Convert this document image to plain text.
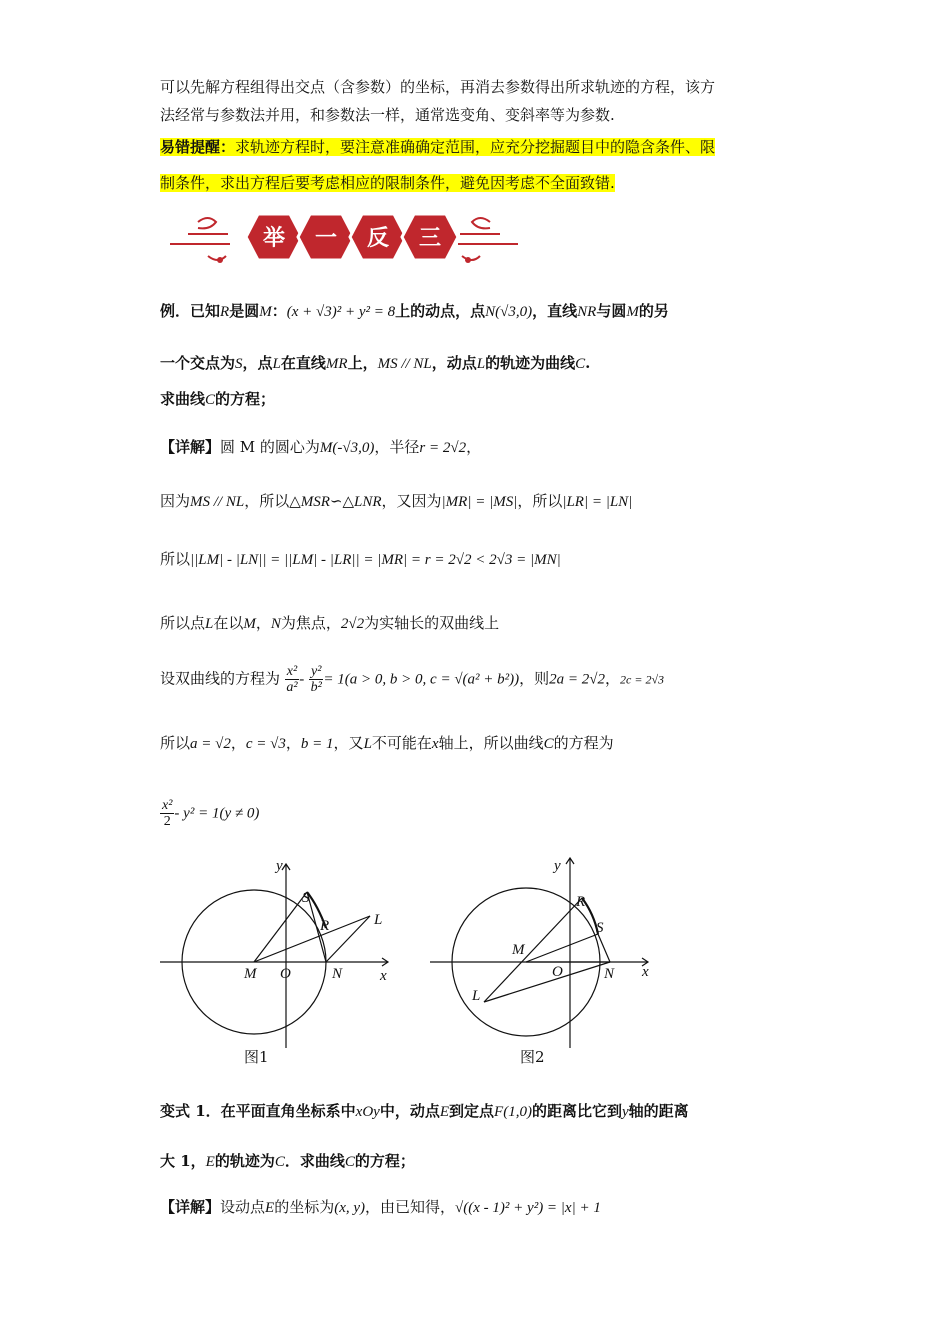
可以先解方程组得出交点（含参数）的坐标，再消去参数得出所求轨迹的方程，该方
法经常与参数法并用，和参数法一样，通常选变角、变斜率等为参数.
易错提醒：求轨迹方程时，要注意准确确定范围，应充分挖掘题目中的隐含条件、限
制条件，求出方程后要考虑相应的限制条件，避免因考虑不全面致错.
举 一 反 三
例．已知R是圆M：(x + √3)² + y² = 8上的动点，点N(√3,0)，直线NR与圆M的另
一个交点为S，点L在直线MR上，MS // NL，动点L的轨迹为曲线C.
求曲线C的方程；
【详解】圆 M 的圆心为M(-√3,0)，半径r = 2√2，
因为MS // NL，所以△MSR∽△LNR，又因为|MR| = |MS|，所以|LR| = |LN|
所以||LM| - |LN|| = ||LM| - |LR|| = |MR| = r = 2√2 < 2√3 = |MN|
所以点L在以M，N为焦点，2√2为实轴长的双曲线上
设双曲线的方程为 $\frac{\text{x²}}{\text{a²}} - \frac{\text{y²}}{\text{b²}} = 1(a > 0$, b > 0, c = √(a² + b²))，则2a = 2√2，2c = 2√3
所以a = √2，c = √3，b = 1，又L不可能在x轴上，所以曲线C的方程为
$\frac{\text{x²}}{2} - y^2 = 1(y \ne 0)$
x
y
O
M	N
S
R	L
图1
x
y
O
M
N
S
R
L
图2
变式 1．在平面直角坐标系中xOy中，动点E到定点F(1,0)的距离比它到y轴的距离
大 1，E的轨迹为C．求曲线C的方程；
【详解】设动点E的坐标为(x, y)，由已知得，√((x - 1)² + y²) = |x| + 1
